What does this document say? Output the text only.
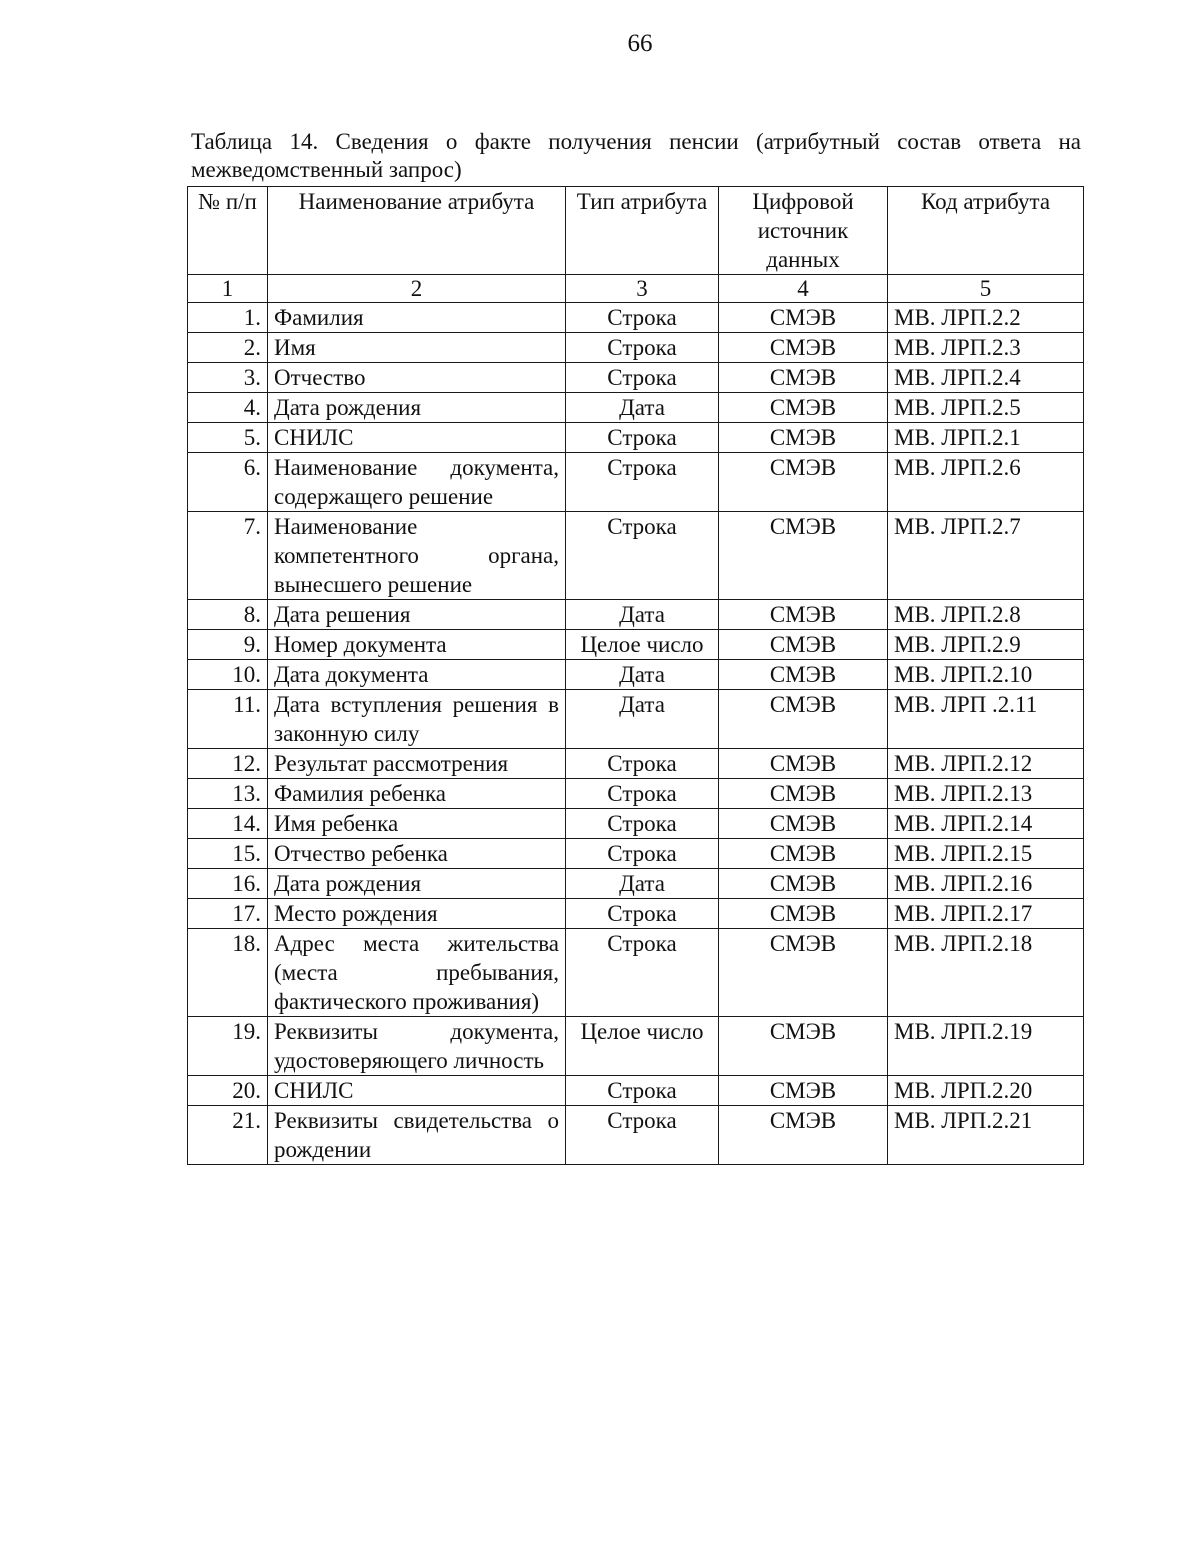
66
Таблица 14. Сведения о факте получения пенсии (атрибутный состав ответа на межведомственный запрос)
№ п/п	Наименование атрибута	Тип атрибута	Цифровой источник данных	Код атрибута
1	2	3	4	5
1.	Фамилия	Строка	СМЭВ	МВ. ЛРП.2.2
2.	Имя	Строка	СМЭВ	МВ. ЛРП.2.3
3.	Отчество	Строка	СМЭВ	МВ. ЛРП.2.4
4.	Дата рождения	Дата	СМЭВ	МВ. ЛРП.2.5
5.	СНИЛС	Строка	СМЭВ	МВ. ЛРП.2.1
6.	Наименование документа, содержащего решение	Строка	СМЭВ	МВ. ЛРП.2.6
7.	Наименование компетентного органа, вынесшего решение	Строка	СМЭВ	МВ. ЛРП.2.7
8.	Дата решения	Дата	СМЭВ	МВ. ЛРП.2.8
9.	Номер документа	Целое число	СМЭВ	МВ. ЛРП.2.9
10.	Дата документа	Дата	СМЭВ	МВ. ЛРП.2.10
11.	Дата вступления решения в законную силу	Дата	СМЭВ	МВ. ЛРП .2.11
12.	Результат рассмотрения	Строка	СМЭВ	МВ. ЛРП.2.12
13.	Фамилия ребенка	Строка	СМЭВ	МВ. ЛРП.2.13
14.	Имя ребенка	Строка	СМЭВ	МВ. ЛРП.2.14
15.	Отчество ребенка	Строка	СМЭВ	МВ. ЛРП.2.15
16.	Дата рождения	Дата	СМЭВ	МВ. ЛРП.2.16
17.	Место рождения	Строка	СМЭВ	МВ. ЛРП.2.17
18.	Адрес места жительства (места пребывания, фактического проживания)	Строка	СМЭВ	МВ. ЛРП.2.18
19.	Реквизиты документа, удостоверяющего личность	Целое число	СМЭВ	МВ. ЛРП.2.19
20.	СНИЛС	Строка	СМЭВ	МВ. ЛРП.2.20
21.	Реквизиты свидетельства о рождении	Строка	СМЭВ	МВ. ЛРП.2.21
